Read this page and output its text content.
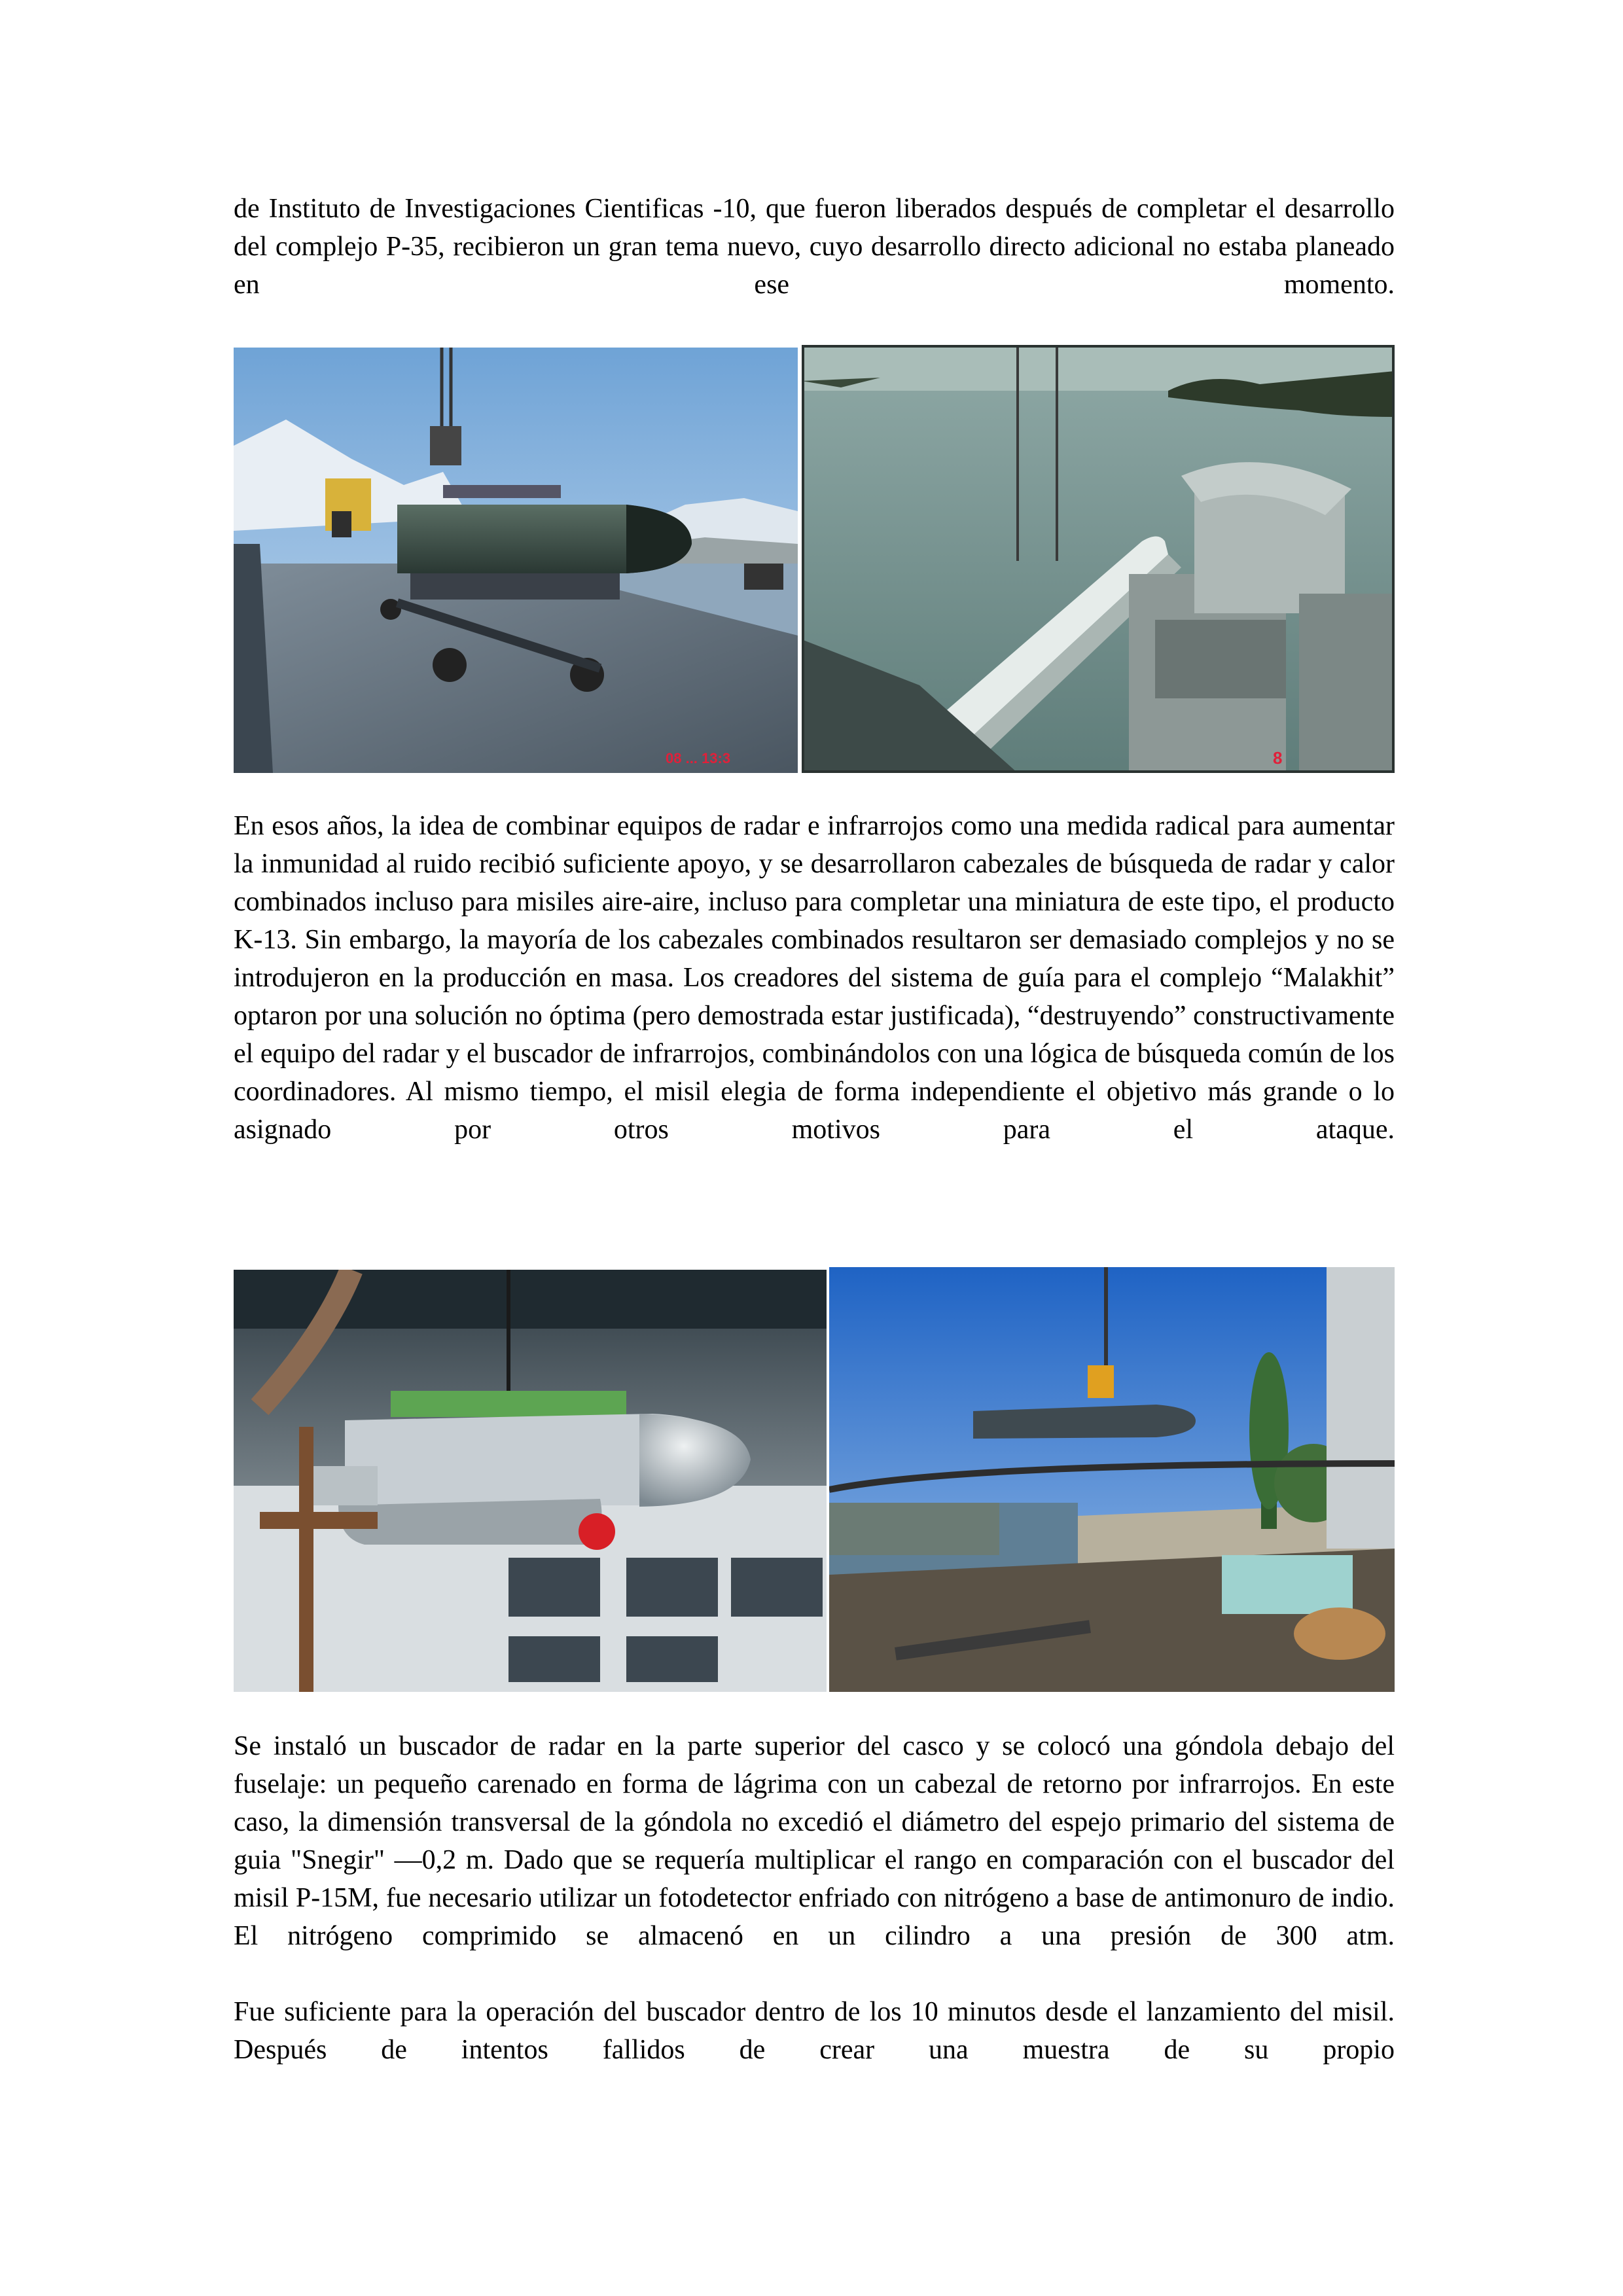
de Instituto de Investigaciones Cientificas -10, que fueron liberados después de completar el desarrollo del complejo P-35, recibieron un gran tema nuevo, cuyo desarrollo directo adicional no estaba planeado en ese momento.

08 ... 13:3	8

En esos años, la idea de combinar equipos de radar e infrarrojos como una medida radical para aumentar la inmunidad al ruido recibió suficiente apoyo, y se desarrollaron cabezales de búsqueda de radar y calor combinados incluso para misiles aire-aire, incluso para completar una miniatura de este tipo, el producto K-13. Sin embargo, la mayoría de los cabezales combinados resultaron ser demasiado complejos y no se introdujeron en la producción en masa. Los creadores del sistema de guía para el complejo “Malakhit” optaron por una solución no óptima (pero demostrada estar justificada), “destruyendo” constructivamente el equipo del radar y el buscador de infrarrojos, combinándolos con una lógica de búsqueda común de los coordinadores. Al mismo tiempo, el misil elegia de forma independiente el objetivo más grande o lo asignado por otros motivos para el ataque.

Se instaló un buscador de radar en la parte superior del casco y se colocó una góndola debajo del fuselaje: un pequeño carenado en forma de lágrima con un cabezal de retorno por infrarrojos. En este caso, la dimensión transversal de la góndola no excedió el diámetro del espejo primario del sistema de guia "Snegir" —0,2 m. Dado que se requería multiplicar el rango en comparación con el buscador del misil P-15M, fue necesario utilizar un fotodetector enfriado con nitrógeno a base de antimonuro de indio. El nitrógeno comprimido se almacenó en un cilindro a una presión de 300 atm.

Fue suficiente para la operación del buscador dentro de los 10 minutos desde el lanzamiento del misil. Después de intentos fallidos de crear una muestra de su propio
